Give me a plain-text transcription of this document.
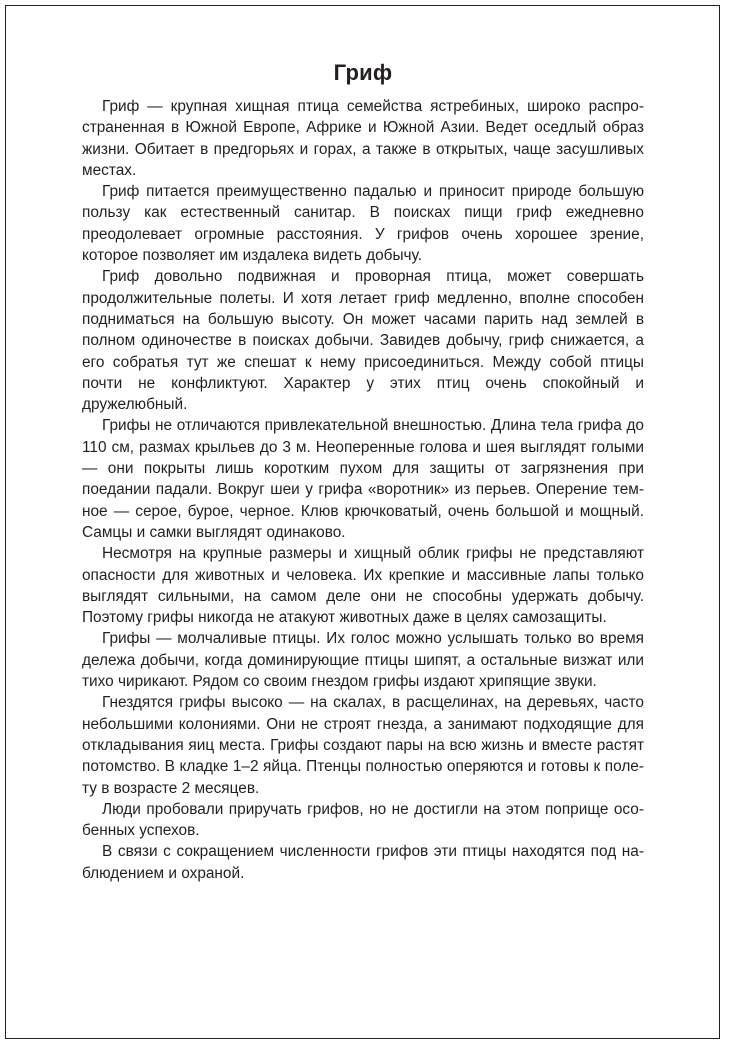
Гриф

Гриф — крупная хищная птица семейства ястребиных, широко распространенная в Южной Европе, Африке и Южной Азии. Ведет оседлый образ жизни. Обитает в предгорьях и горах, а также в открытых, чаще засушливых местах.

Гриф питается преимущественно падалью и приносит природе большую пользу как естественный санитар. В поисках пищи гриф ежедневно преодолевает огромные расстояния. У грифов очень хорошее зрение, которое позволяет им издалека видеть добычу.

Гриф довольно подвижная и проворная птица, может совершать продолжительные полеты. И хотя летает гриф медленно, вполне способен подниматься на большую высоту. Он может часами парить над землей в полном одиночестве в поисках добычи. Завидев добычу, гриф снижается, а его собратья тут же спешат к нему присоединиться. Между собой птицы почти не конфликтуют. Характер у этих птиц очень спокойный и дружелюбный.

Грифы не отличаются привлекательной внешностью. Длина тела грифа до 110 см, размах крыльев до 3 м. Неоперенные голова и шея выглядят голыми — они покрыты лишь коротким пухом для защиты от загрязнения при поедании падали. Вокруг шеи у грифа «воротник» из перьев. Оперение темное — серое, бурое, черное. Клюв крючковатый, очень большой и мощный. Самцы и самки выглядят одинаково.

Несмотря на крупные размеры и хищный облик грифы не представляют опасности для животных и человека. Их крепкие и массивные лапы только выглядят сильными, на самом деле они не способны удержать добычу. Поэтому грифы никогда не атакуют животных даже в целях самозащиты.

Грифы — молчаливые птицы. Их голос можно услышать только во время дележа добычи, когда доминирующие птицы шипят, а остальные визжат или тихо чирикают. Рядом со своим гнездом грифы издают хрипящие звуки.

Гнездятся грифы высоко — на скалах, в расщелинах, на деревьях, часто небольшими колониями. Они не строят гнезда, а занимают подходящие для откладывания яиц места. Грифы создают пары на всю жизнь и вместе растят потомство. В кладке 1–2 яйца. Птенцы полностью оперяются и готовы к полету в возрасте 2 месяцев.

Люди пробовали приручать грифов, но не достигли на этом поприще особенных успехов.

В связи с сокращением численности грифов эти птицы находятся под наблюдением и охраной.
